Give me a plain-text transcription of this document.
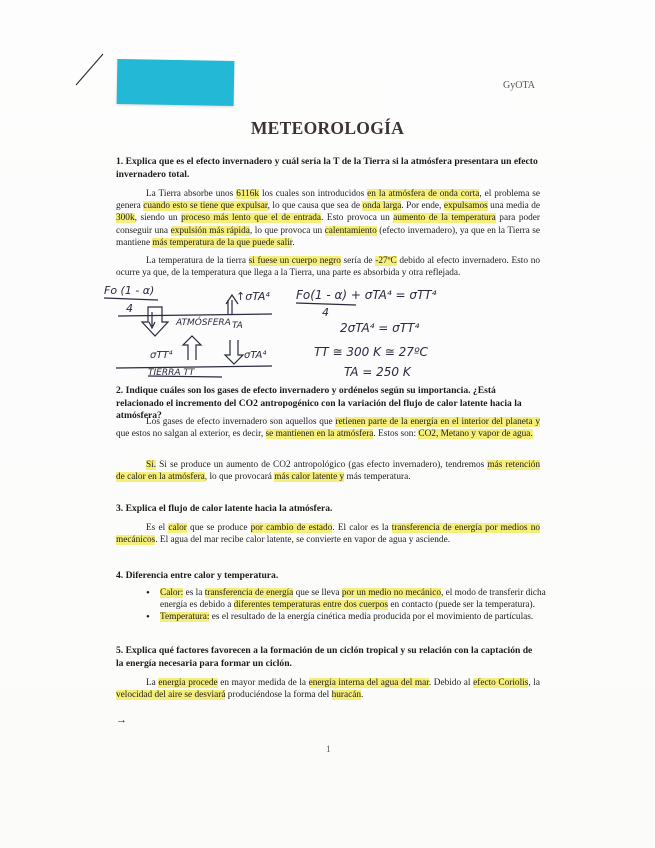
GyOTA
METEOROLOGÍA
1. Explica que es el efecto invernadero y cuál sería la T de la Tierra si la atmósfera presentara un efecto invernadero total.
La Tierra absorbe unos 6116k los cuales son introducidos en la atmósfera de onda corta, el problema se genera cuando esto se tiene que expulsar, lo que causa que sea de onda larga. Por ende, expulsamos una media de 300k, siendo un proceso más lento que el de entrada. Esto provoca un aumento de la temperatura para poder conseguir una expulsión más rápida, lo que provoca un calentamiento (efecto invernadero), ya que en la Tierra se mantiene más temperatura de la que puede salir.
La temperatura de la tierra si fuese un cuerpo negro sería de -27ºC debido al efecto invernadero. Esto no ocurre ya que, de la temperatura que llega a la Tierra, una parte es absorbida y otra reflejada.
Fo (1 - α)
4
↑σTA⁴
ATMÓSFERA TA
σTT⁴	σTA⁴
TIERRA TT
Fo(1 - α) + σTA⁴ = σTT⁴
4
2σTA⁴ = σTT⁴
TT ≅ 300 K ≅ 27ºC
TA = 250 K
2. Indique cuáles son los gases de efecto invernadero y ordénelos según su importancia. ¿Está relacionado el incremento del CO2 antropogénico con la variación del flujo de calor latente hacia la atmósfera?
Los gases de efecto invernadero son aquellos que retienen parte de la energía en el interior del planeta y que estos no salgan al exterior, es decir, se mantienen en la atmósfera. Estos son: CO2, Metano y vapor de agua.
Sí. Si se produce un aumento de CO2 antropológico (gas efecto invernadero), tendremos más retención de calor en la atmósfera, lo que provocará más calor latente y más temperatura.
3. Explica el flujo de calor latente hacia la atmósfera.
Es el calor que se produce por cambio de estado. El calor es la transferencia de energía por medios no mecánicos. El agua del mar recibe calor latente, se convierte en vapor de agua y asciende.
4. Diferencia entre calor y temperatura.
• Calor: es la transferencia de energía que se lleva por un medio no mecánico, el modo de transferir dicha energía es debido a diferentes temperaturas entre dos cuerpos en contacto (puede ser la temperatura).
• Temperatura: es el resultado de la energía cinética media producida por el movimiento de partículas.
5. Explica qué factores favorecen a la formación de un ciclón tropical y su relación con la captación de la energía necesaria para formar un ciclón.
La energía procede en mayor medida de la energía interna del agua del mar. Debido al efecto Coriolis, la velocidad del aire se desviará produciéndose la forma del huracán.
→
1
